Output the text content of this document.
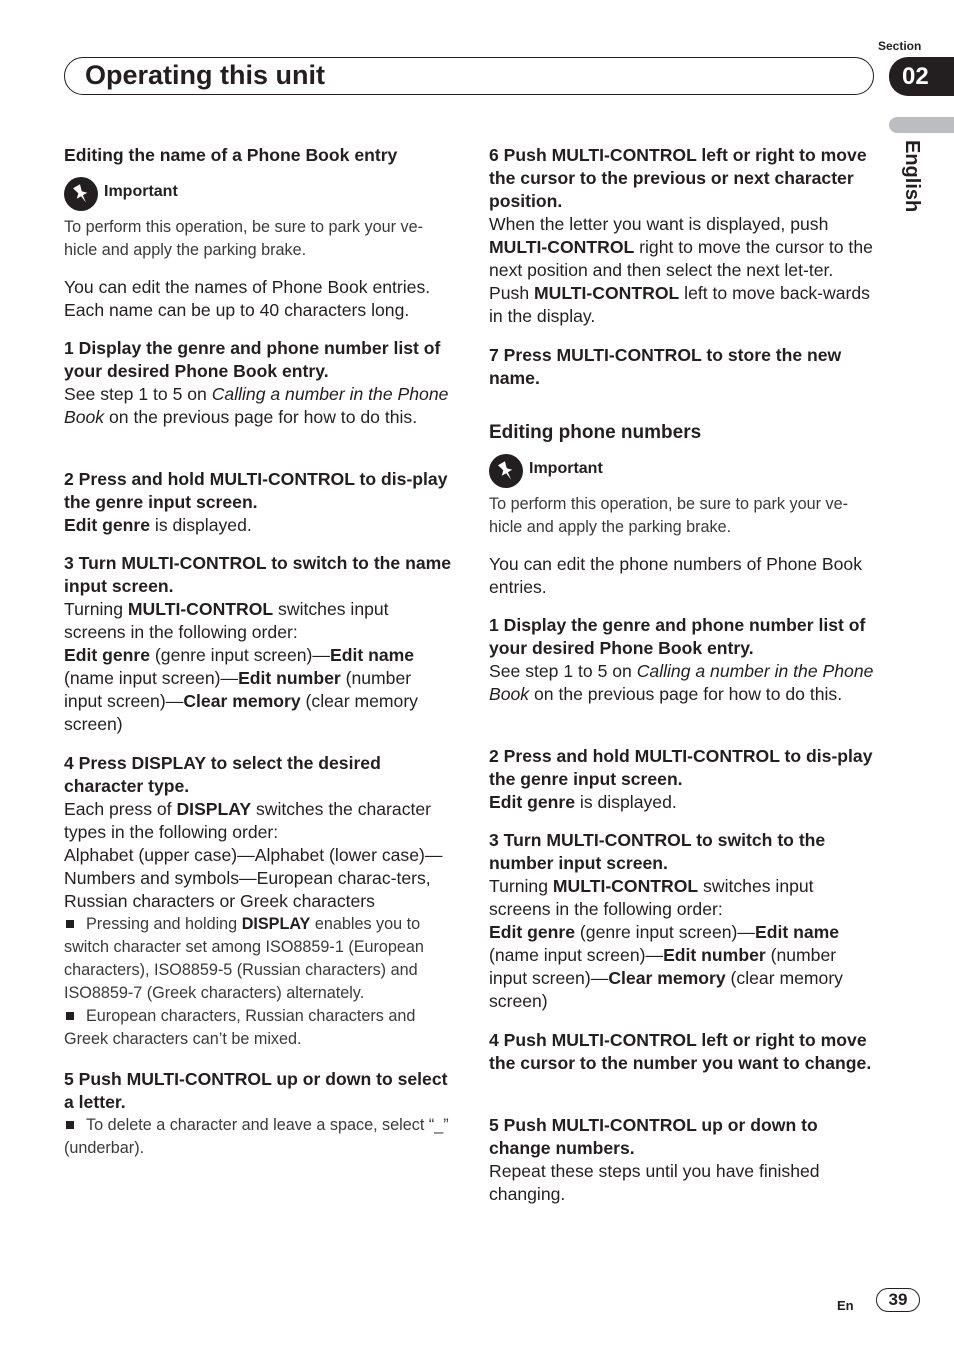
Section
02
Operating this unit
English

Editing the name of a Phone Book entry

Important

To perform this operation, be sure to park your ve-hicle and apply the parking brake.

You can edit the names of Phone Book entries. Each name can be up to 40 characters long.

1 Display the genre and phone number list of your desired Phone Book entry.

See step 1 to 5 on Calling a number in the Phone Book on the previous page for how to do this.

2 Press and hold MULTI-CONTROL to dis-play the genre input screen.

Edit genre is displayed.

3 Turn MULTI-CONTROL to switch to the name input screen.

Turning MULTI-CONTROL switches input screens in the following order:

Edit genre (genre input screen)—Edit name (name input screen)—Edit number (number input screen)—Clear memory (clear memory screen)

4 Press DISPLAY to select the desired character type.

Each press of DISPLAY switches the character types in the following order:

Alphabet (upper case)—Alphabet (lower case)—Numbers and symbols—European charac-ters, Russian characters or Greek characters

Pressing and holding DISPLAY enables you to switch character set among ISO8859-1 (European characters), ISO8859-5 (Russian characters) and ISO8859-7 (Greek characters) alternately.

European characters, Russian characters and Greek characters can’t be mixed.

5 Push MULTI-CONTROL up or down to select a letter.

To delete a character and leave a space, select “_” (underbar).

6 Push MULTI-CONTROL left or right to move the cursor to the previous or next character position.

When the letter you want is displayed, push MULTI-CONTROL right to move the cursor to the next position and then select the next let-ter. Push MULTI-CONTROL left to move back-wards in the display.

7 Press MULTI-CONTROL to store the new name.

Editing phone numbers

Important

To perform this operation, be sure to park your ve-hicle and apply the parking brake.

You can edit the phone numbers of Phone Book entries.

1 Display the genre and phone number list of your desired Phone Book entry.

See step 1 to 5 on Calling a number in the Phone Book on the previous page for how to do this.

2 Press and hold MULTI-CONTROL to dis-play the genre input screen.

Edit genre is displayed.

3 Turn MULTI-CONTROL to switch to the number input screen.

Turning MULTI-CONTROL switches input screens in the following order:

Edit genre (genre input screen)—Edit name (name input screen)—Edit number (number input screen)—Clear memory (clear memory screen)

4 Push MULTI-CONTROL left or right to move the cursor to the number you want to change.

5 Push MULTI-CONTROL up or down to change numbers.

Repeat these steps until you have finished changing.

En	39
